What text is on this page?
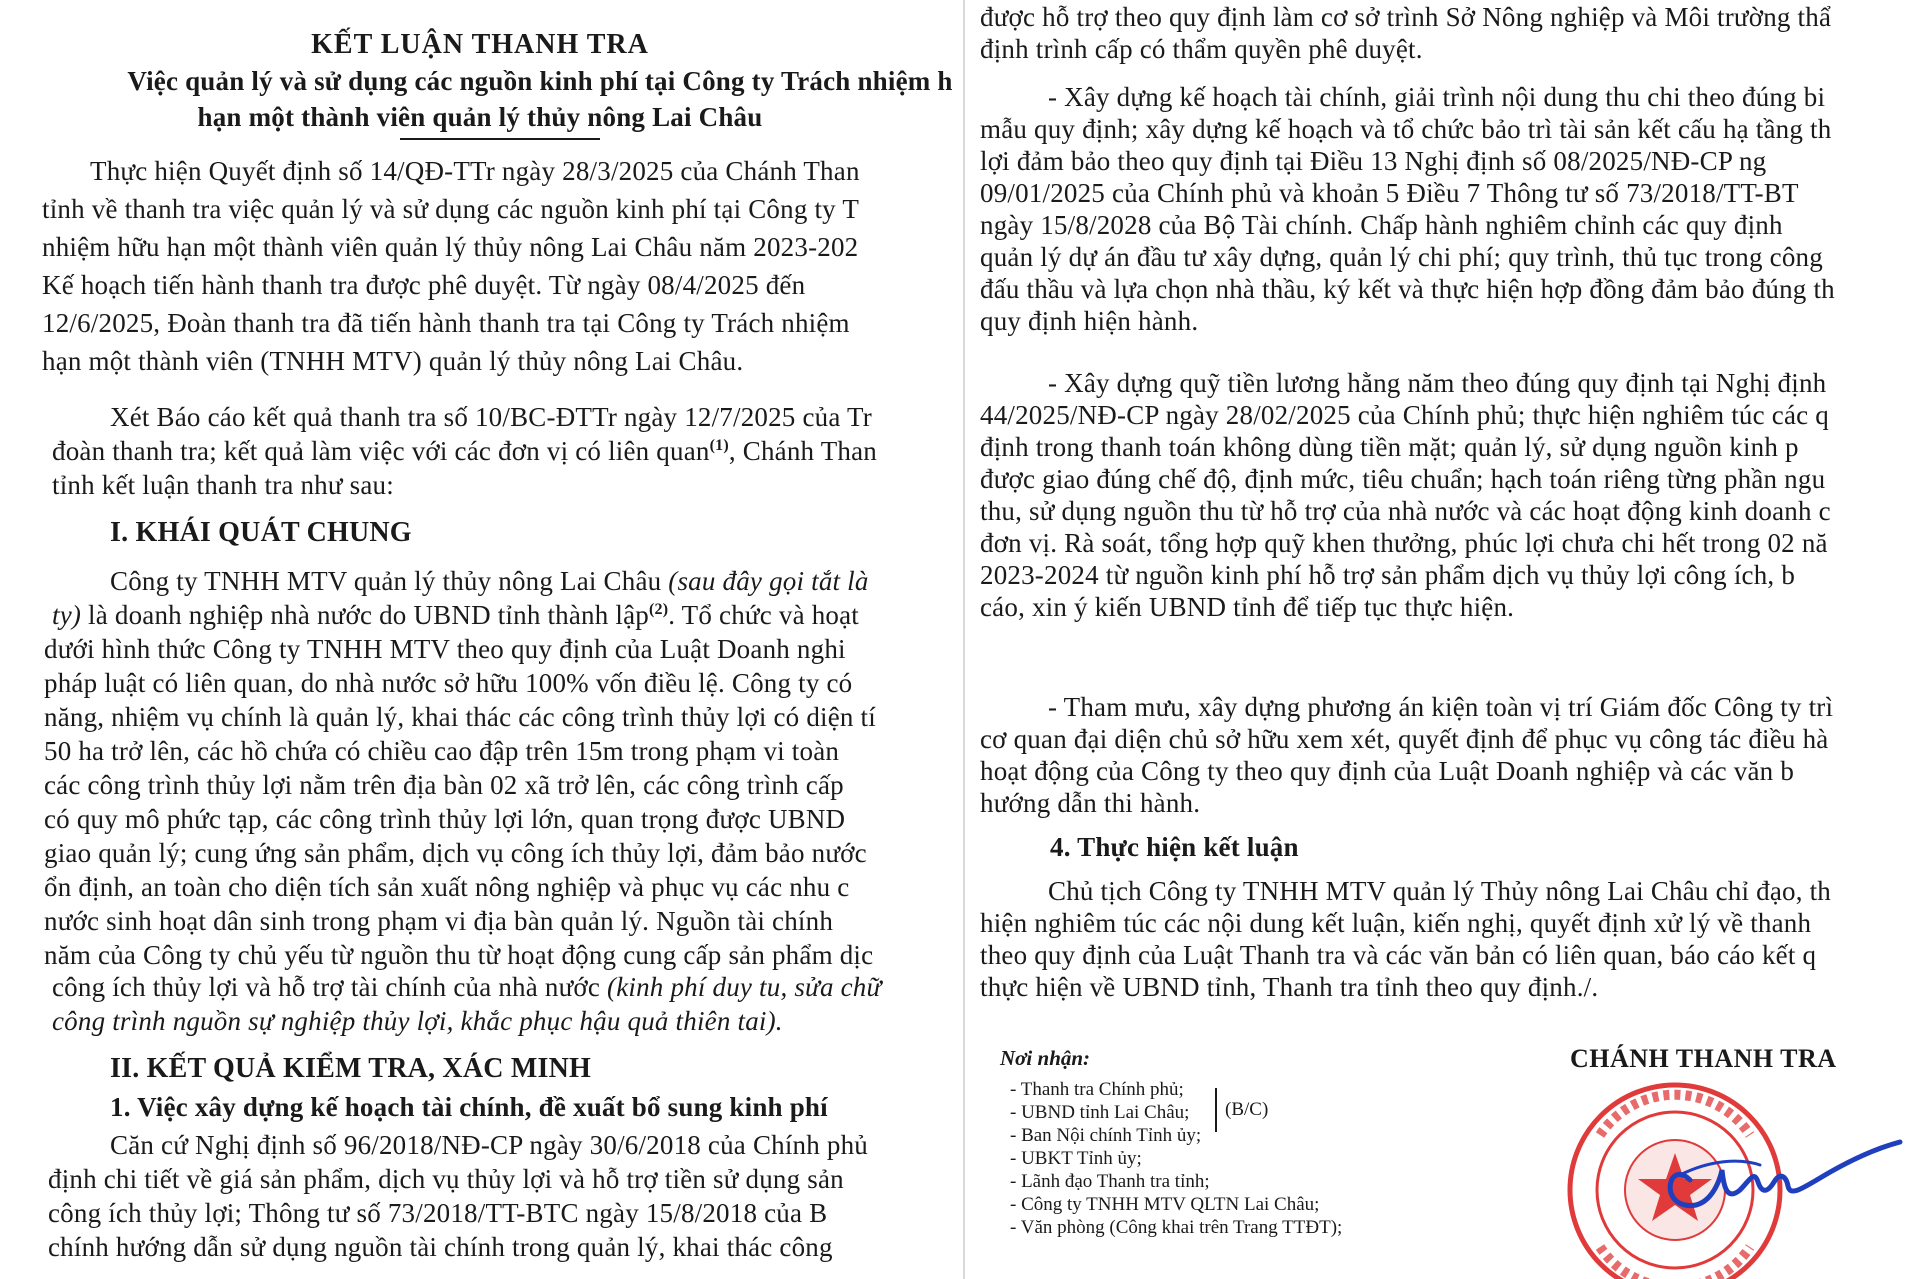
KẾT LUẬN THANH TRA
Việc quản lý và sử dụng các nguồn kinh phí tại Công ty Trách nhiệm h
hạn một thành viên quản lý thủy nông Lai Châu
Thực hiện Quyết định số 14/QĐ-TTr ngày 28/3/2025 của Chánh Than
tỉnh về thanh tra việc quản lý và sử dụng các nguồn kinh phí tại Công ty T
nhiệm hữu hạn một thành viên quản lý thủy nông Lai Châu năm 2023-202
Kế hoạch tiến hành thanh tra được phê duyệt. Từ ngày 08/4/2025 đến
12/6/2025, Đoàn thanh tra đã tiến hành thanh tra tại Công ty Trách nhiệm
hạn một thành viên (TNHH MTV) quản lý thủy nông Lai Châu.
Xét Báo cáo kết quả thanh tra số 10/BC-ĐTTr ngày 12/7/2025 của Tr
đoàn thanh tra; kết quả làm việc với các đơn vị có liên quan$^{(1)}$, Chánh Than
tỉnh kết luận thanh tra như sau:
I. KHÁI QUÁT CHUNG
Công ty TNHH MTV quản lý thủy nông Lai Châu (sau đây gọi tắt là
ty) là doanh nghiệp nhà nước do UBND tỉnh thành lập$^{(2)}$. Tổ chức và hoạt
dưới hình thức Công ty TNHH MTV theo quy định của Luật Doanh nghi
pháp luật có liên quan, do nhà nước sở hữu 100% vốn điều lệ. Công ty có
năng, nhiệm vụ chính là quản lý, khai thác các công trình thủy lợi có diện tí
50 ha trở lên, các hồ chứa có chiều cao đập trên 15m trong phạm vi toàn
các công trình thủy lợi nằm trên địa bàn 02 xã trở lên, các công trình cấp
có quy mô phức tạp, các công trình thủy lợi lớn, quan trọng được UBND
giao quản lý; cung ứng sản phẩm, dịch vụ công ích thủy lợi, đảm bảo nước
ổn định, an toàn cho diện tích sản xuất nông nghiệp và phục vụ các nhu c
nước sinh hoạt dân sinh trong phạm vi địa bàn quản lý. Nguồn tài chính
năm của Công ty chủ yếu từ nguồn thu từ hoạt động cung cấp sản phẩm dịc
công ích thủy lợi và hỗ trợ tài chính của nhà nước (kinh phí duy tu, sửa chữ
công trình nguồn sự nghiệp thủy lợi, khắc phục hậu quả thiên tai).
II. KẾT QUẢ KIỂM TRA, XÁC MINH
1. Việc xây dựng kế hoạch tài chính, đề xuất bổ sung kinh phí
Căn cứ Nghị định số 96/2018/NĐ-CP ngày 30/6/2018 của Chính phủ
định chi tiết về giá sản phẩm, dịch vụ thủy lợi và hỗ trợ tiền sử dụng sản
công ích thủy lợi; Thông tư số 73/2018/TT-BTC ngày 15/8/2018 của B
chính hướng dẫn sử dụng nguồn tài chính trong quản lý, khai thác công
được hỗ trợ theo quy định làm cơ sở trình Sở Nông nghiệp và Môi trường thẩ
định trình cấp có thẩm quyền phê duyệt.
- Xây dựng kế hoạch tài chính, giải trình nội dung thu chi theo đúng bi
mẫu quy định; xây dựng kế hoạch và tổ chức bảo trì tài sản kết cấu hạ tầng th
lợi đảm bảo theo quy định tại Điều 13 Nghị định số 08/2025/NĐ-CP ng
09/01/2025 của Chính phủ và khoản 5 Điều 7 Thông tư số 73/2018/TT-BT
ngày 15/8/2028 của Bộ Tài chính. Chấp hành nghiêm chỉnh các quy định
quản lý dự án đầu tư xây dựng, quản lý chi phí; quy trình, thủ tục trong công
đấu thầu và lựa chọn nhà thầu, ký kết và thực hiện hợp đồng đảm bảo đúng th
quy định hiện hành.
- Xây dựng quỹ tiền lương hằng năm theo đúng quy định tại Nghị định
44/2025/NĐ-CP ngày 28/02/2025 của Chính phủ; thực hiện nghiêm túc các q
định trong thanh toán không dùng tiền mặt; quản lý, sử dụng nguồn kinh p
được giao đúng chế độ, định mức, tiêu chuẩn; hạch toán riêng từng phần ngu
thu, sử dụng nguồn thu từ hỗ trợ của nhà nước và các hoạt động kinh doanh c
đơn vị. Rà soát, tổng hợp quỹ khen thưởng, phúc lợi chưa chi hết trong 02 nă
2023-2024 từ nguồn kinh phí hỗ trợ sản phẩm dịch vụ thủy lợi công ích, b
cáo, xin ý kiến UBND tỉnh để tiếp tục thực hiện.
- Tham mưu, xây dựng phương án kiện toàn vị trí Giám đốc Công ty trì
cơ quan đại diện chủ sở hữu xem xét, quyết định để phục vụ công tác điều hà
hoạt động của Công ty theo quy định của Luật Doanh nghiệp và các văn b
hướng dẫn thi hành.
4. Thực hiện kết luận
Chủ tịch Công ty TNHH MTV quản lý Thủy nông Lai Châu chỉ đạo, th
hiện nghiêm túc các nội dung kết luận, kiến nghị, quyết định xử lý về thanh
theo quy định của Luật Thanh tra và các văn bản có liên quan, báo cáo kết q
thực hiện về UBND tỉnh, Thanh tra tỉnh theo quy định./.
Nơi nhận:
- Thanh tra Chính phủ;
- UBND tỉnh Lai Châu;
- Ban Nội chính Tỉnh ủy;
- UBKT Tỉnh ủy;
- Lãnh đạo Thanh tra tỉnh;
- Công ty TNHH MTV QLTN Lai Châu;
- Văn phòng (Công khai trên Trang TTĐT);
(B/C)
CHÁNH THANH TRA
